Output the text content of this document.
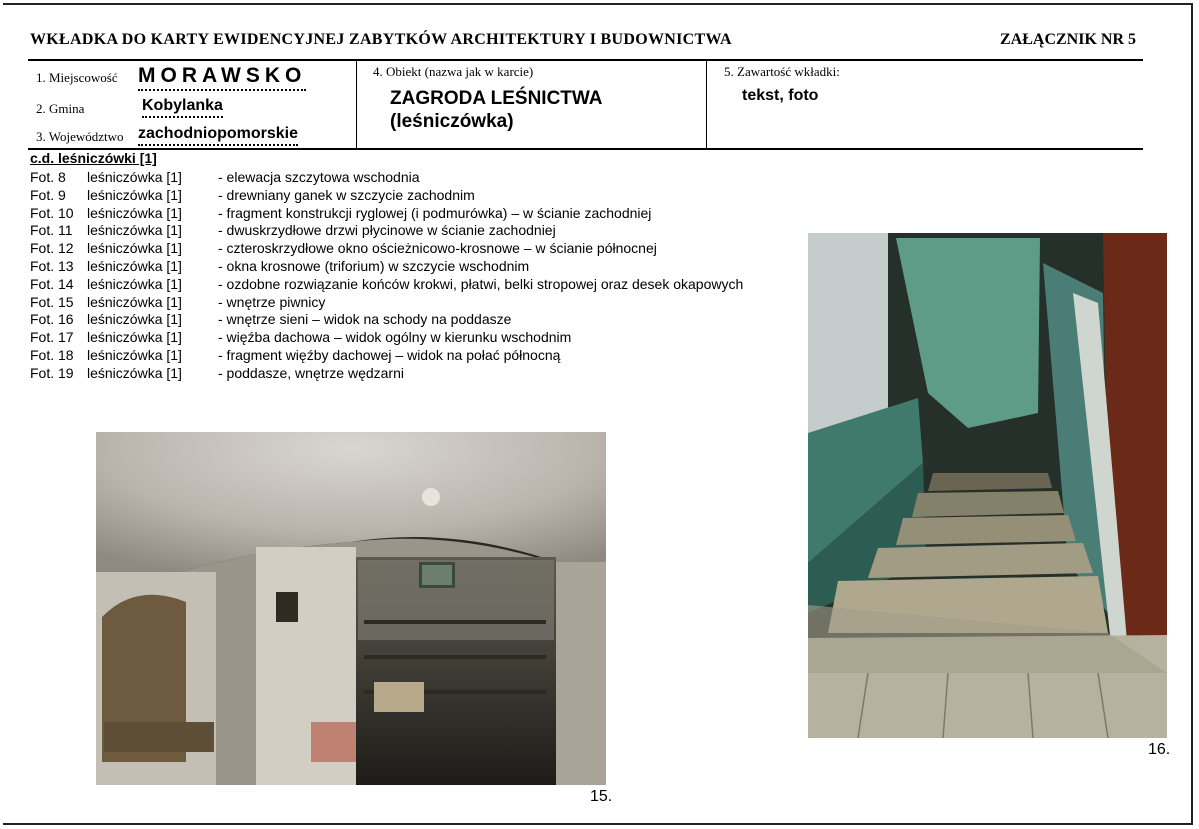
WKŁADKA DO KARTY EWIDENCYJNEJ ZABYTKÓW ARCHITEKTURY I BUDOWNICTWA	ZAŁĄCZNIK NR 5
1. Miejscowość MORAWSKO
2. Gmina	Kobylanka
3. Województwo zachodniopomorskie
4. Obiekt (nazwa jak w karcie)
ZAGRODA LEŚNICTWA
(leśniczówka)
5. Zawartość wkładki:
tekst, foto
c.d. leśniczówki [1]
Fot. 8 leśniczówka [1]	- elewacja szczytowa wschodnia
Fot. 9 leśniczówka [1]	- drewniany ganek w szczycie zachodnim
Fot. 10 leśniczówka [1]	- fragment konstrukcji ryglowej (i podmurówka) – w ścianie zachodniej
Fot. 11 leśniczówka [1]	- dwuskrzydłowe drzwi płycinowe w ścianie zachodniej
Fot. 12 leśniczówka [1]	- czteroskrzydłowe okno ościeżnicowo-krosnowe – w ścianie północnej
Fot. 13 leśniczówka [1]	- okna krosnowe (triforium) w szczycie wschodnim
Fot. 14 leśniczówka [1]	- ozdobne rozwiązanie końców krokwi, płatwi, belki stropowej oraz desek okapowych
Fot. 15 leśniczówka [1]	- wnętrze piwnicy
Fot. 16 leśniczówka [1]	- wnętrze sieni – widok na schody na poddasze
Fot. 17 leśniczówka [1]	- więźba dachowa – widok ogólny w kierunku wschodnim
Fot. 18 leśniczówka [1]	- fragment więźby dachowej – widok na połać północną
Fot. 19 leśniczówka [1]	- poddasze, wnętrze wędzarni
15.
16.
